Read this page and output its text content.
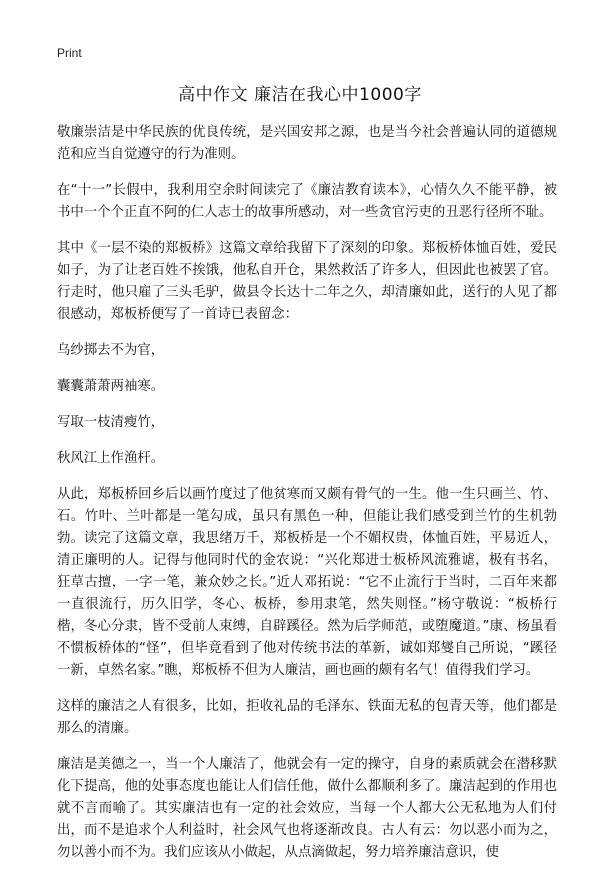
Print
高中作文 廉洁在我心中1000字

敬廉崇洁是中华民族的优良传统，是兴国安邦之源，也是当今社会普遍认同的道德规范和应当自觉遵守的行为准则。

在“十一”长假中，我利用空余时间读完了《廉洁教育读本》，心情久久不能平静，被书中一个个正直不阿的仁人志士的故事所感动，对一些贪官污吏的丑恶行径所不耻。

其中《一层不染的郑板桥》这篇文章给我留下了深刻的印象。郑板桥体恤百姓，爱民如子，为了让老百姓不挨饿，他私自开仓，果然救活了许多人，但因此也被罢了官。行走时，他只雇了三头毛驴，做县令长达十二年之久，却清廉如此，送行的人见了都很感动，郑板桥便写了一首诗已表留念：

乌纱掷去不为官，

囊囊萧萧两袖寒。

写取一枝清瘦竹，

秋风江上作渔杆。

从此，郑板桥回乡后以画竹度过了他贫寒而又颇有骨气的一生。他一生只画兰、竹、石。竹叶、兰叶都是一笔勾成，虽只有黑色一种，但能让我们感受到兰竹的生机勃勃。读完了这篇文章，我思绪万千，郑板桥是一个不媚权贵，体恤百姓，平易近人，清正廉明的人。记得与他同时代的金农说：“兴化郑进士板桥风流雅谑，极有书名，狂草古擅，一字一笔，兼众妙之长。”近人邓拓说：“它不止流行于当时，二百年来都一直很流行，历久旧学，冬心、板桥，参用隶笔，然失则怪。”杨守敬说：“板桥行楷，冬心分隶，皆不受前人束缚，自辟蹊径。然为后学师范，或堕魔道。”康、杨虽看不惯板桥体的“怪”，但毕竟看到了他对传统书法的革新，诚如郑燮自己所说，“蹊径一新，卓然名家。”瞧，郑板桥不但为人廉洁，画也画的颇有名气！值得我们学习。

这样的廉洁之人有很多，比如，拒收礼品的毛泽东、铁面无私的包青天等，他们都是那么的清廉。

廉洁是美德之一，当一个人廉洁了，他就会有一定的操守，自身的素质就会在潜移默化下提高，他的处事态度也能让人们信任他，做什么都顺利多了。廉洁起到的作用也就不言而喻了。其实廉洁也有一定的社会效应，当每一个人都大公无私地为人们付出，而不是追求个人利益时，社会风气也将逐渐改良。古人有云：勿以恶小而为之，勿以善小而不为。我们应该从小做起，从点滴做起，努力培养廉洁意识，使
